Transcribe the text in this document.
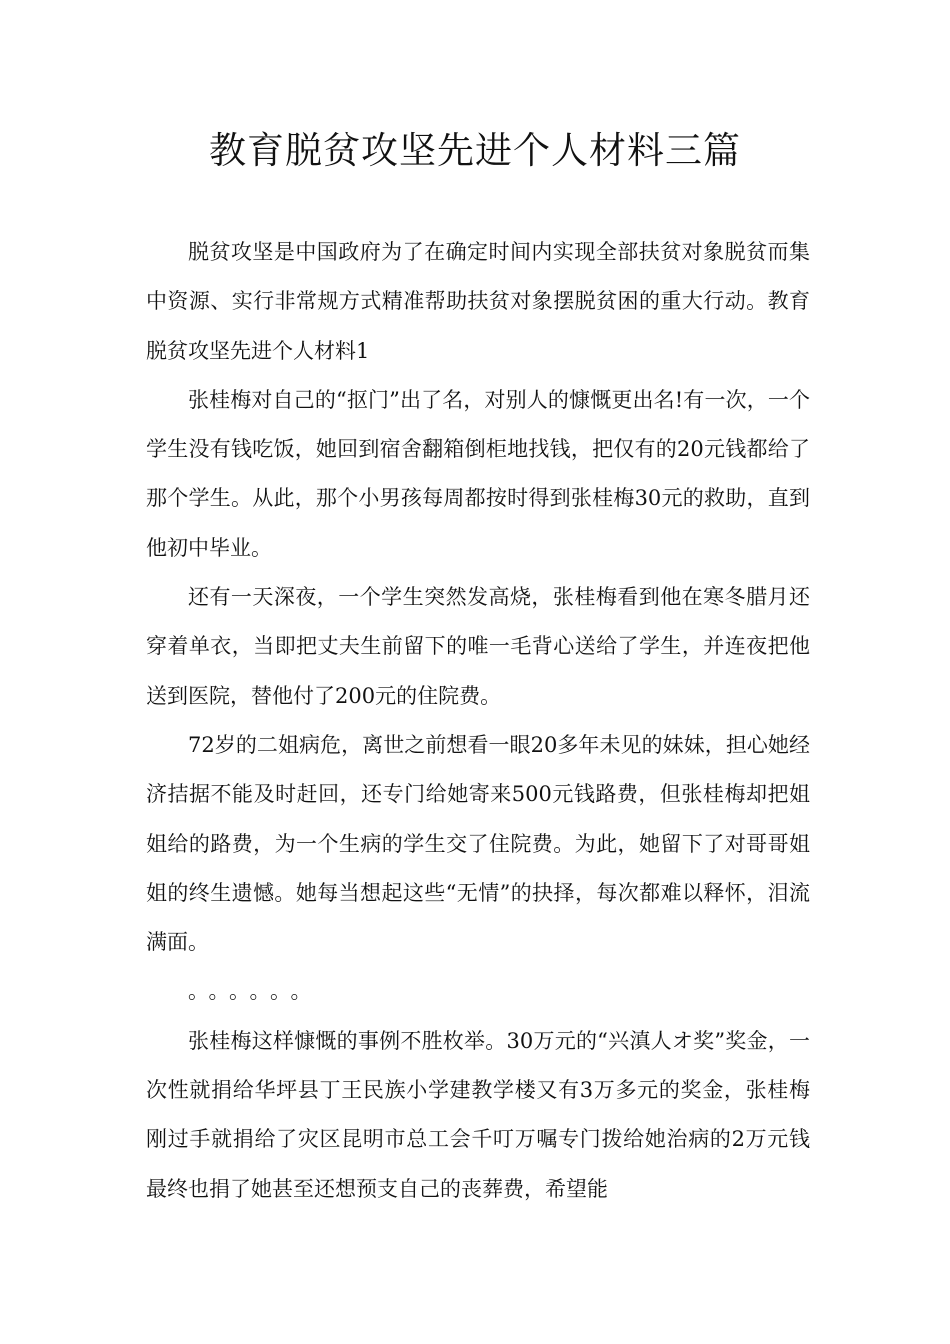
教育脱贫攻坚先进个人材料三篇

脱贫攻坚是中国政府为了在确定时间内实现全部扶贫对象脱贫而集中资源、实行非常规方式精准帮助扶贫对象摆脱贫困的重大行动。教育脱贫攻坚先进个人材料1

张桂梅对自己的“抠门”出了名，对别人的慷慨更出名!有一次，一个学生没有钱吃饭，她回到宿舍翻箱倒柜地找钱，把仅有的20元钱都给了那个学生。从此，那个小男孩每周都按时得到张桂梅30元的救助，直到他初中毕业。

还有一天深夜，一个学生突然发高烧，张桂梅看到他在寒冬腊月还穿着单衣，当即把丈夫生前留下的唯一毛背心送给了学生，并连夜把他送到医院，替他付了200元的住院费。

72岁的二姐病危，离世之前想看一眼20多年未见的妹妹，担心她经济拮据不能及时赶回，还专门给她寄来500元钱路费，但张桂梅却把姐姐给的路费，为一个生病的学生交了住院费。为此，她留下了对哥哥姐姐的终生遗憾。她每当想起这些“无情”的抉择，每次都难以释怀，泪流满面。

。。。。。。

张桂梅这样慷慨的事例不胜枚举。30万元的“兴滇人オ奖”奖金，一次性就捐给华坪县丁王民族小学建教学楼又有3万多元的奖金，张桂梅刚过手就捐给了灾区昆明市总工会千叮万嘱专门拨给她治病的2万元钱最终也捐了她甚至还想预支自己的丧葬费，希望能
